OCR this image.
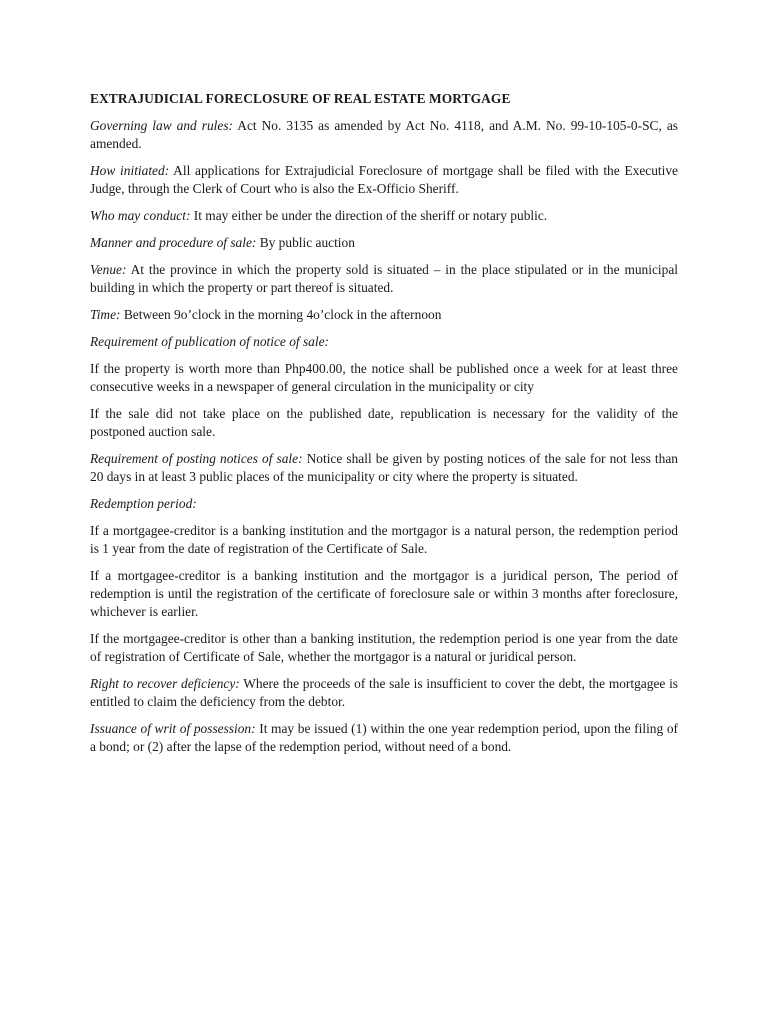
EXTRAJUDICIAL FORECLOSURE OF REAL ESTATE MORTGAGE

Governing law and rules: Act No. 3135 as amended by Act No. 4118, and A.M. No. 99-10-105-0-SC, as amended.

How initiated: All applications for Extrajudicial Foreclosure of mortgage shall be filed with the Executive Judge, through the Clerk of Court who is also the Ex-Officio Sheriff.

Who may conduct: It may either be under the direction of the sheriff or notary public.

Manner and procedure of sale: By public auction

Venue: At the province in which the property sold is situated – in the place stipulated or in the municipal building in which the property or part thereof is situated.

Time: Between 9o’clock in the morning 4o’clock in the afternoon

Requirement of publication of notice of sale:

If the property is worth more than Php400.00, the notice shall be published once a week for at least three consecutive weeks in a newspaper of general circulation in the municipality or city

If the sale did not take place on the published date, republication is necessary for the validity of the postponed auction sale.

Requirement of posting notices of sale: Notice shall be given by posting notices of the sale for not less than 20 days in at least 3 public places of the municipality or city where the property is situated.

Redemption period:

If a mortgagee-creditor is a banking institution and the mortgagor is a natural person, the redemption period is 1 year from the date of registration of the Certificate of Sale.

If a mortgagee-creditor is a banking institution and the mortgagor is a juridical person, The period of redemption is until the registration of the certificate of foreclosure sale or within 3 months after foreclosure, whichever is earlier.

If the mortgagee-creditor is other than a banking institution, the redemption period is one year from the date of registration of Certificate of Sale, whether the mortgagor is a natural or juridical person.

Right to recover deficiency: Where the proceeds of the sale is insufficient to cover the debt, the mortgagee is entitled to claim the deficiency from the debtor.

Issuance of writ of possession: It may be issued (1) within the one year redemption period, upon the filing of a bond; or (2) after the lapse of the redemption period, without need of a bond.
